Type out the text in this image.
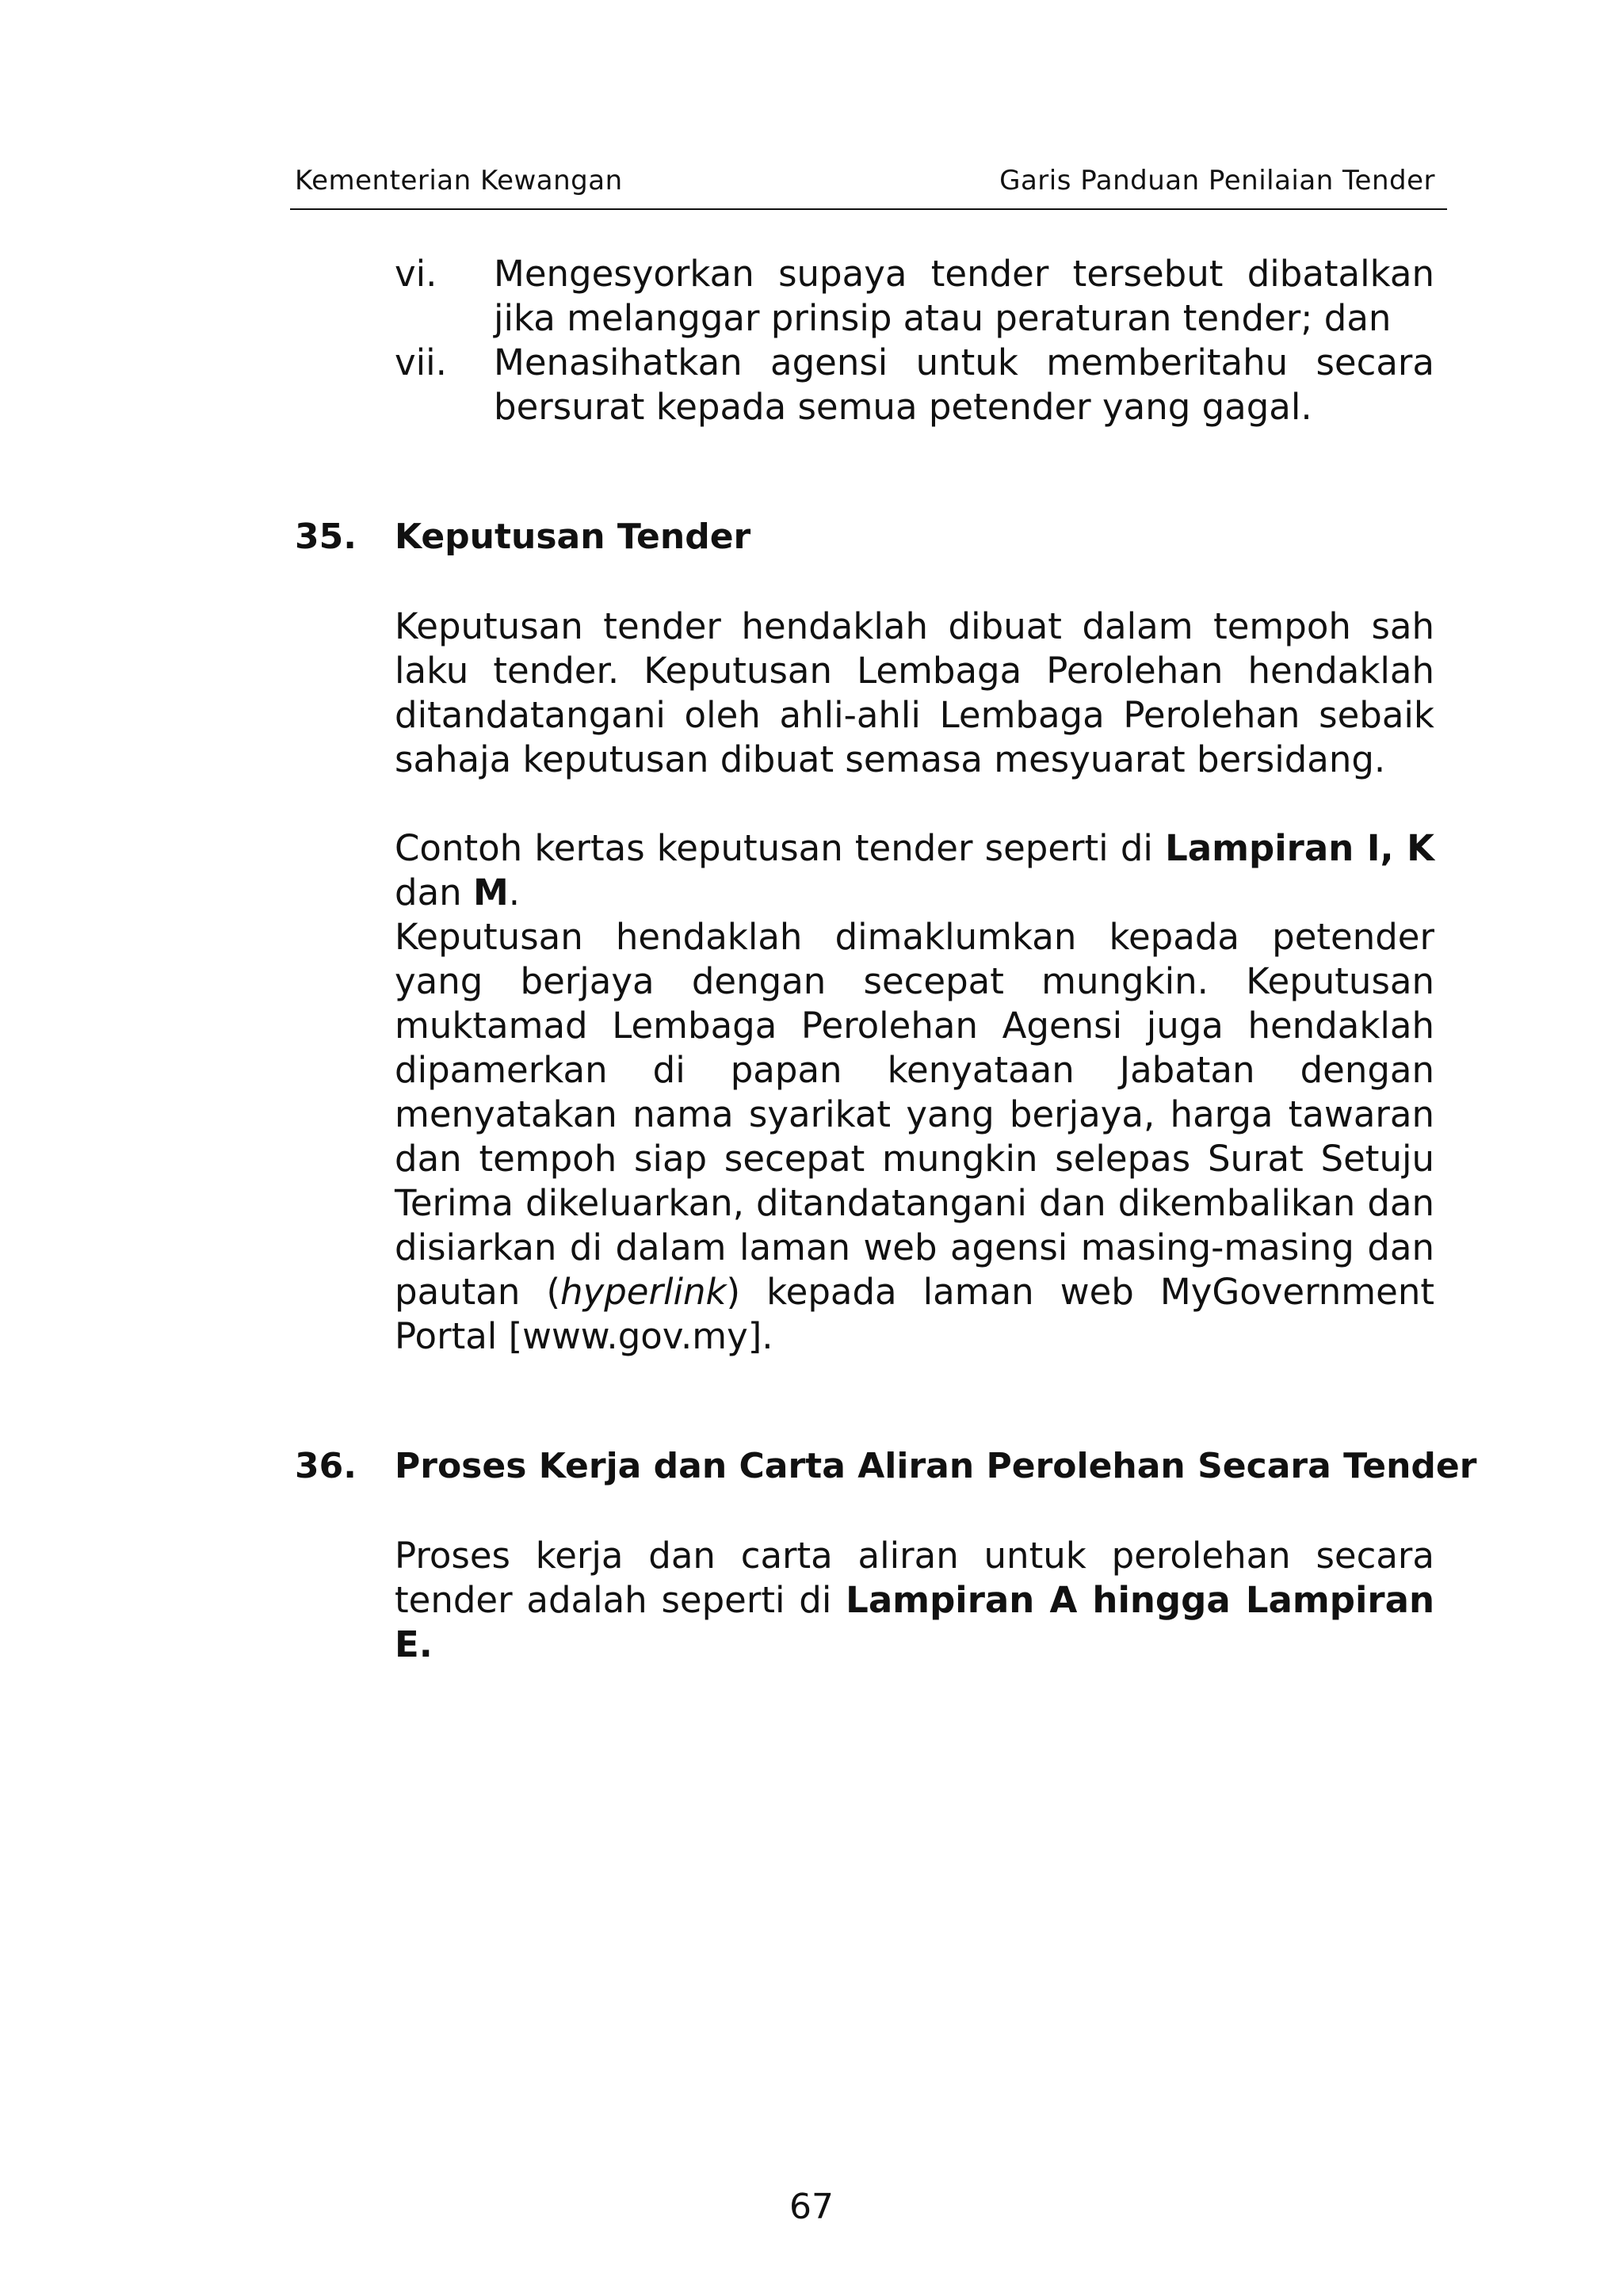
Kementerian Kewangan	Garis Panduan Penilaian Tender
vi. Mengesyorkan supaya tender tersebut dibatalkan jika melanggar prinsip atau peraturan tender; dan
vii. Menasihatkan agensi untuk memberitahu secara bersurat kepada semua petender yang gagal.
35. Keputusan Tender
Keputusan tender hendaklah dibuat dalam tempoh sah laku tender. Keputusan Lembaga Perolehan hendaklah ditandatangani oleh ahli-ahli Lembaga Perolehan sebaik sahaja keputusan dibuat semasa mesyuarat bersidang.
Contoh kertas keputusan tender seperti di Lampiran I, K dan M.
Keputusan hendaklah dimaklumkan kepada petender yang berjaya dengan secepat mungkin. Keputusan muktamad Lembaga Perolehan Agensi juga hendaklah dipamerkan di papan kenyataan Jabatan dengan menyatakan nama syarikat yang berjaya, harga tawaran dan tempoh siap secepat mungkin selepas Surat Setuju Terima dikeluarkan, ditandatangani dan dikembalikan dan disiarkan di dalam laman web agensi masing-masing dan pautan (hyperlink) kepada laman web MyGovernment Portal [www.gov.my].
36. Proses Kerja dan Carta Aliran Perolehan Secara Tender
Proses kerja dan carta aliran untuk perolehan secara tender adalah seperti di Lampiran A hingga Lampiran E.
67
